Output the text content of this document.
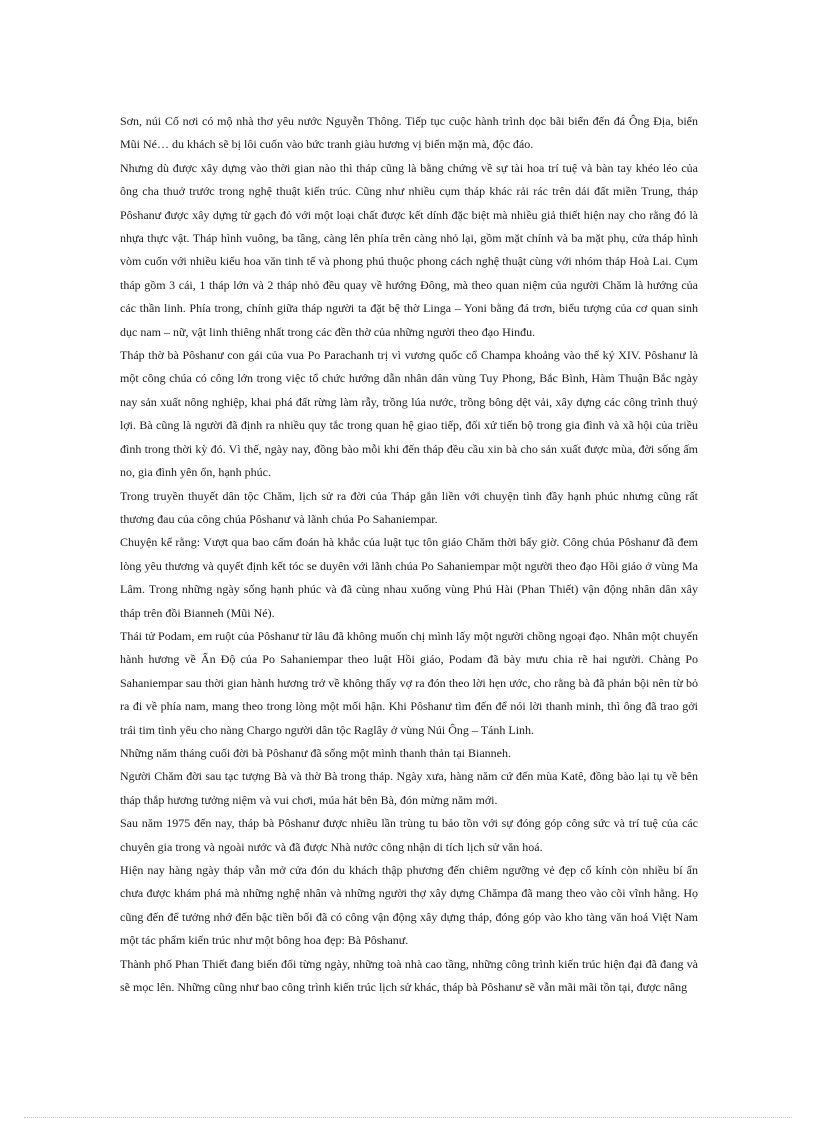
Sơn, núi Cố nơi có mộ nhà thơ yêu nước Nguyễn Thông. Tiếp tục cuộc hành trình dọc bãi biển đến đá Ông Địa, biển Mũi Né… du khách sẽ bị lôi cuốn vào bức tranh giàu hương vị biển mặn mà, độc đáo.

Nhưng dù được xây dựng vào thời gian nào thì tháp cũng là bằng chứng về sự tài hoa trí tuệ và bàn tay khéo léo của ông cha thuở trước trong nghệ thuật kiến trúc. Cũng như nhiều cụm tháp khác rải rác trên dải đất miền Trung, tháp Pôshanư được xây dựng từ gạch đỏ với một loại chất được kết dính đặc biệt mà nhiều giả thiết hiện nay cho rằng đó là nhựa thực vật. Tháp hình vuông, ba tầng, càng lên phía trên càng nhỏ lại, gồm mặt chính và ba mặt phụ, cửa tháp hình vòm cuốn với nhiều kiểu hoa văn tinh tế và phong phú thuộc phong cách nghệ thuật cùng với nhóm tháp Hoà Lai. Cụm tháp gồm 3 cái, 1 tháp lớn và 2 tháp nhỏ đều quay về hướng Đông, mà theo quan niệm của người Chăm là hướng của các thần linh. Phía trong, chính giữa tháp người ta đặt bệ thờ Linga – Yoni bằng đá trơn, biểu tượng của cơ quan sinh dục nam – nữ, vật linh thiêng nhất trong các đền thờ của những người theo đạo Hinđu.

Tháp thờ bà Pôshanư con gái của vua Po Parachanh trị vì vương quốc cổ Champa khoảng vào thế kỷ XIV. Pôshanư là một công chúa có công lớn trong việc tổ chức hướng dẫn nhân dân vùng Tuy Phong, Bắc Bình, Hàm Thuận Bắc ngày nay sản xuất nông nghiệp, khai phá đất rừng làm rẫy, trồng lúa nước, trồng bông dệt vải, xây dựng các công trình thuỷ lợi. Bà cũng là người đã định ra nhiều quy tắc trong quan hệ giao tiếp, đối xử tiến bộ trong gia đình và xã hội của triều đình trong thời kỳ đó. Vì thế, ngày nay, đồng bào mỗi khi đến tháp đều cầu xin bà cho sản xuất được mùa, đời sống ấm no, gia đình yên ổn, hạnh phúc.

Trong truyền thuyết dân tộc Chăm, lịch sử ra đời của Tháp gắn liền với chuyện tình đầy hạnh phúc nhưng cũng rất thương đau của công chúa Pôshanư và lãnh chúa Po Sahaniempar.

Chuyện kể rằng: Vượt qua bao cấm đoán hà khắc của luật tục tôn giáo Chăm thời bấy giờ. Công chúa Pôshanư đã đem lòng yêu thương và quyết định kết tóc se duyên với lãnh chúa Po Sahaniempar một người theo đạo Hồi giáo ở vùng Ma Lâm. Trong những ngày sống hạnh phúc và đã cùng nhau xuống vùng Phú Hài (Phan Thiết) vận động nhân dân xây tháp trên đồi Bianneh (Mũi Né).

Thái tử Podam, em ruột của Pôshanư từ lâu đã không muốn chị mình lấy một người chồng ngoại đạo. Nhân một chuyến hành hương về Ấn Độ của Po Sahaniempar theo luật Hồi giáo, Podam đã bày mưu chia rẽ hai người. Chàng Po Sahaniempar sau thời gian hành hương trở về không thấy vợ ra đón theo lời hẹn ước, cho rằng bà đã phản bội nên từ bỏ ra đi về phía nam, mang theo trong lòng một mối hận. Khi Pôshanư tìm đến để nói lời thanh minh, thì ông đã trao gởi trái tim tình yêu cho nàng Chargo người dân tộc Raglây ở vùng Núi Ông – Tánh Linh.

Những năm tháng cuối đời bà Pôshanư đã sống một mình thanh thản tại Bianneh.

Người Chăm đời sau tạc tượng Bà và thờ Bà trong tháp. Ngày xưa, hàng năm cứ đến mùa Katê, đồng bào lại tụ về bên tháp thắp hương tưởng niệm và vui chơi, múa hát bên Bà, đón mừng năm mới.

Sau năm 1975 đến nay, tháp bà Pôshanư được nhiều lần trùng tu bảo tồn với sự đóng góp công sức và trí tuệ của các chuyên gia trong và ngoài nước và đã được Nhà nước công nhận di tích lịch sử văn hoá.

Hiện nay hàng ngày tháp vẫn mở cửa đón du khách thập phương đến chiêm ngưỡng vẻ đẹp cổ kính còn nhiều bí ẩn chưa được khám phá mà những nghệ nhân và những người thợ xây dựng Chămpa đã mang theo vào cõi vĩnh hằng. Họ cũng đến để tưởng nhớ đến bậc tiền bối đã có công vận động xây dựng tháp, đóng góp vào kho tàng văn hoá Việt Nam một tác phẩm kiến trúc như một bông hoa đẹp: Bà Pôshanư.

Thành phố Phan Thiết đang biến đổi từng ngày, những toà nhà cao tầng, những công trình kiến trúc hiện đại đã đang và sẽ mọc lên. Những cũng như bao công trình kiến trúc lịch sử khác, tháp bà Pôshanư sẽ vẫn mãi mãi tồn tại, được nâng
